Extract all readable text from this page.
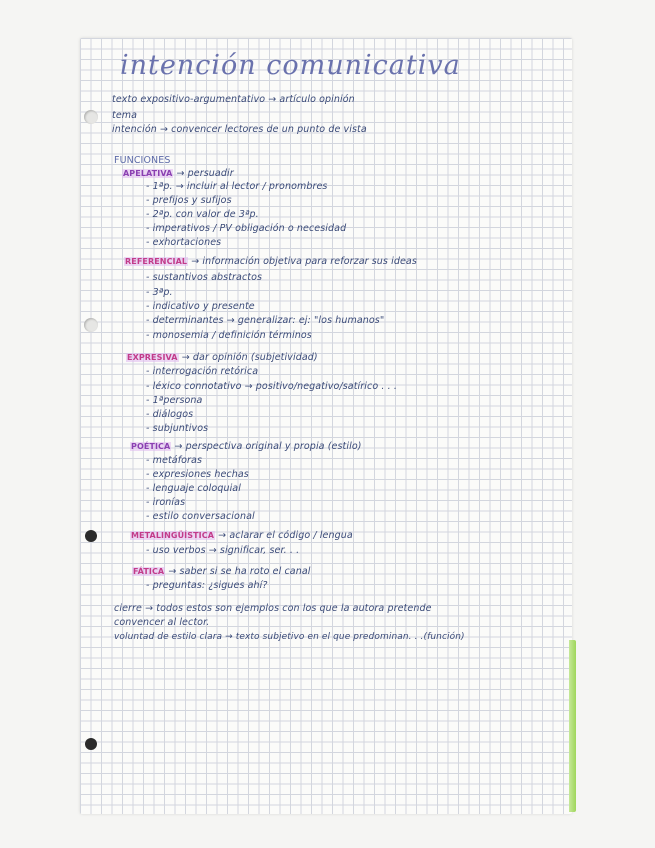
intención comunicativa
texto expositivo-argumentativo → artículo opinión
tema
intención → convencer lectores de un punto de vista
FUNCIONES
APELATIVA → persuadir
- 1ªp. → incluir al lector / pronombres
- prefijos y sufijos
- 2ªp. con valor de 3ªp.
- imperativos / PV obligación o necesidad
- exhortaciones
REFERENCIAL → información objetiva para reforzar sus ideas
- sustantivos abstractos
- 3ªp.
- indicativo y presente
- determinantes → generalizar: ej: "los humanos"
- monosemia / definición términos
EXPRESIVA → dar opinión (subjetividad)
- interrogación retórica
- léxico connotativo → positivo/negativo/satírico . . .
- 1ªpersona
- diálogos
- subjuntivos
POÉTICA → perspectiva original y propia (estilo)
- metáforas
- expresiones hechas
- lenguaje coloquial
- ironías
- estilo conversacional
METALINGÜÍSTICA → aclarar el código / lengua
- uso verbos → significar, ser. . .
FÁTICA → saber si se ha roto el canal
- preguntas: ¿sigues ahí?
cierre → todos estos son ejemplos con los que la autora pretende
convencer al lector.
voluntad de estilo clara → texto subjetivo en el que predominan. . .(función)
